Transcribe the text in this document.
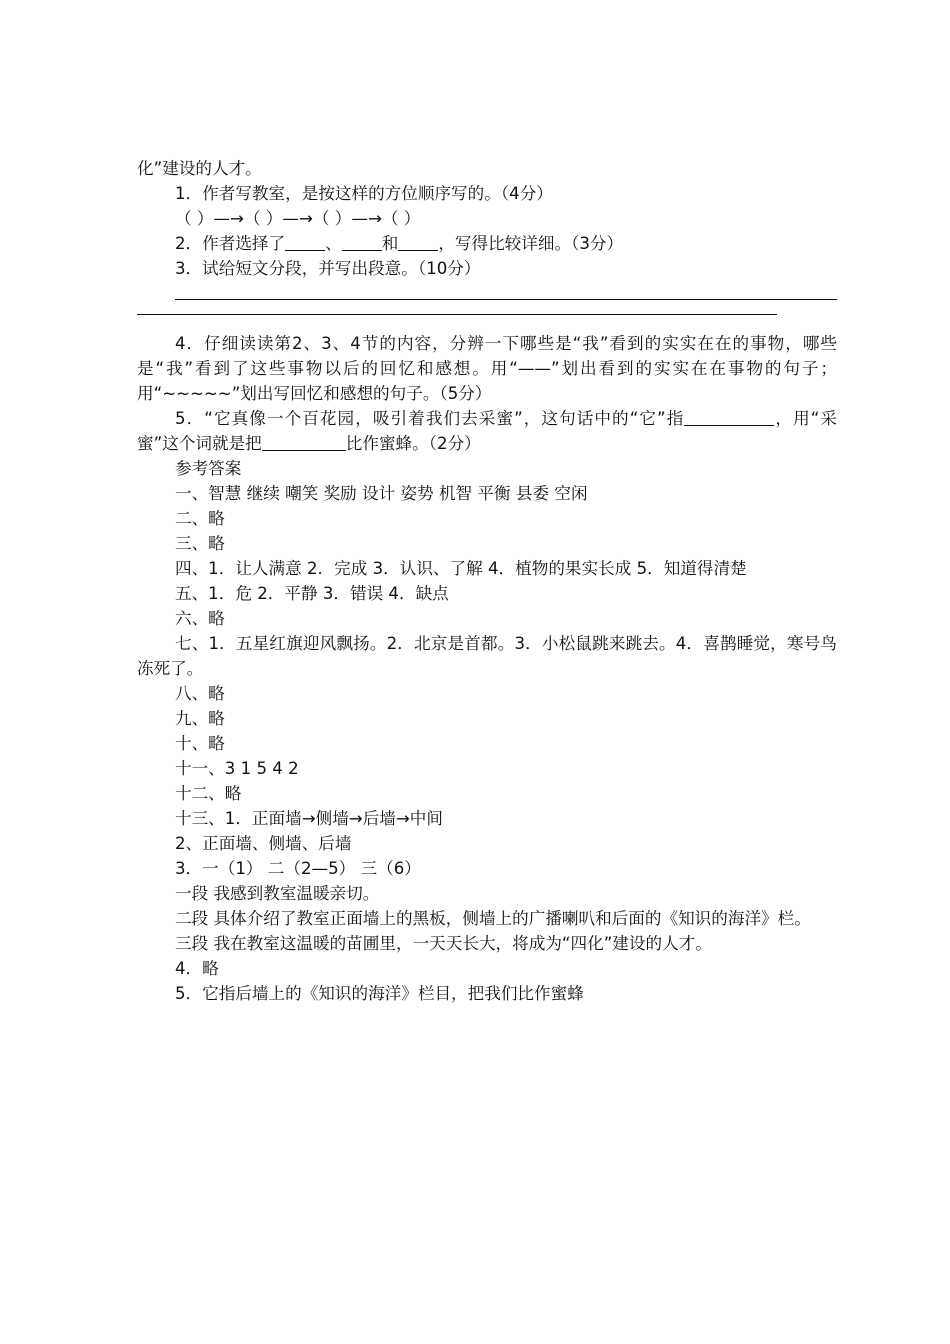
化”建设的人才。

1．作者写教室，是按这样的方位顺序写的。（4分）

（ ）—→（ ）—→（ ）—→（ ）

2．作者选择了 、 和 ，写得比较详细。（3分）

3．试给短文分段，并写出段意。（10分）

4．仔细读读第2、3、4节的内容，分辨一下哪些是“我”看到的实实在在的事物，哪些是“我”看到了这些事物以后的回忆和感想。用“——”划出看到的实实在在事物的句子；用“~~~~~”划出写回忆和感想的句子。（5分）

5．“它真像一个百花园，吸引着我们去采蜜”，这句话中的“它”指	，用“采蜜”这个词就是把	比作蜜蜂。（2分）

参考答案

一、智慧 继续 嘲笑 奖励 设计 姿势 机智 平衡 县委 空闲

二、略

三、略

四、1．让人满意 2．完成 3．认识、了解 4．植物的果实长成 5．知道得清楚

五、1．危 2．平静 3．错误 4．缺点

六、略

七、1．五星红旗迎风飘扬。2．北京是首都。3．小松鼠跳来跳去。4．喜鹊睡觉，寒号鸟冻死了。

八、略

九、略

十、略

十一、3 1 5 4 2

十二、略

十三、1．正面墙→侧墙→后墙→中间

2、正面墙、侧墙、后墙

3．一（1） 二（2—5） 三（6）

一段 我感到教室温暖亲切。

二段 具体介绍了教室正面墙上的黑板，侧墙上的广播喇叭和后面的《知识的海洋》栏。

三段 我在教室这温暖的苗圃里，一天天长大，将成为“四化”建设的人才。

4．略

5．它指后墙上的《知识的海洋》栏目，把我们比作蜜蜂
